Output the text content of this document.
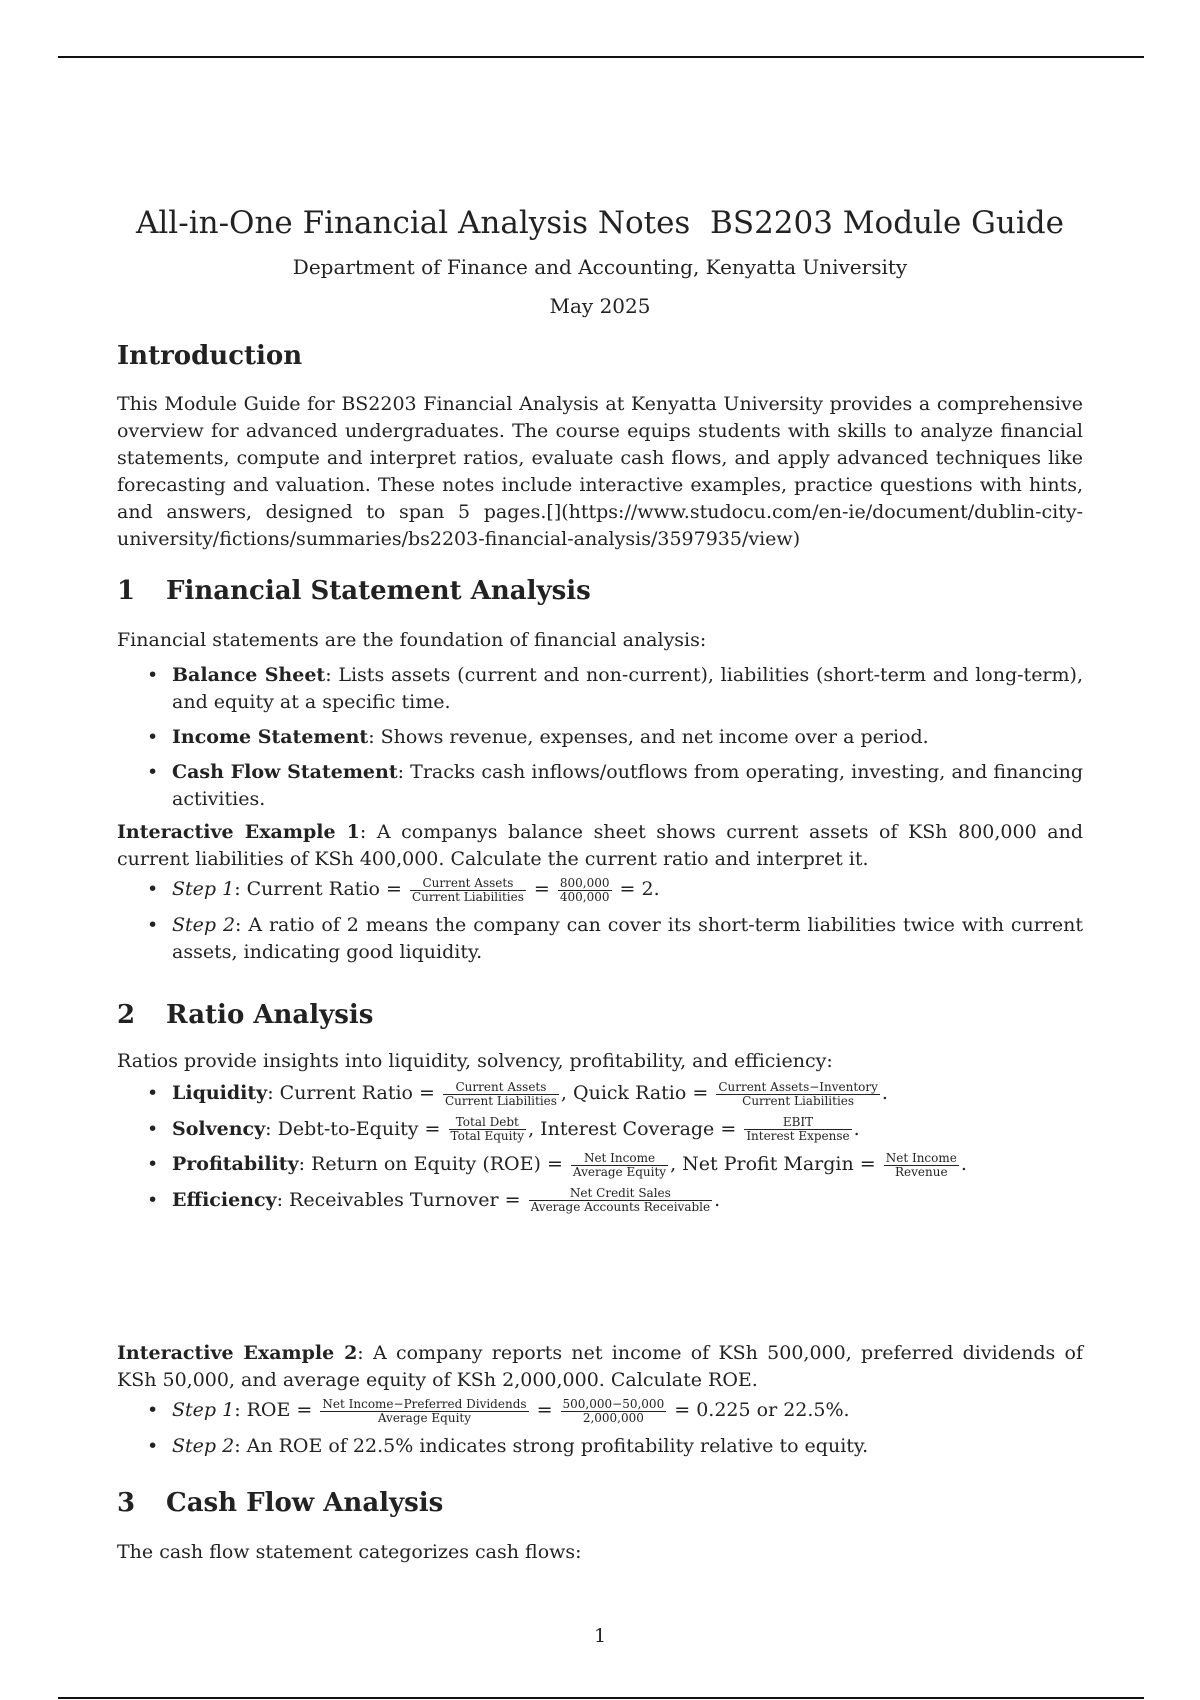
All-in-One Financial Analysis Notes  BS2203 Module Guide
Department of Finance and Accounting, Kenyatta University
May 2025
Introduction

This Module Guide for BS2203 Financial Analysis at Kenyatta University provides a comprehensive overview for advanced undergraduates. The course equips students with skills to analyze financial statements, compute and interpret ratios, evaluate cash flows, and apply advanced techniques like forecasting and valuation. These notes include interactive examples, practice questions with hints, and answers, designed to span 5 pages.[](https://www.studocu.com/en-ie/document/dublin-city-university/fictions/summaries/bs2203-financial-analysis/3597935/view)

1 Financial Statement Analysis

Financial statements are the foundation of financial analysis:

• Balance Sheet: Lists assets (current and non-current), liabilities (short-term and long-term), and equity at a specific time.
• Income Statement: Shows revenue, expenses, and net income over a period.
• Cash Flow Statement: Tracks cash inflows/outflows from operating, investing, and financing activities.

Interactive Example 1: A companys balance sheet shows current assets of KSh 800,000 and current liabilities of KSh 400,000. Calculate the current ratio and interpret it.

• Step 1: Current Ratio = $\frac{\text{Current Assets}}{\text{Current Liabilities}} = \frac{800,000}{400,000} = 2$.
• Step 2: A ratio of 2 means the company can cover its short-term liabilities twice with current assets, indicating good liquidity.
2 Ratio Analysis

Ratios provide insights into liquidity, solvency, profitability, and efficiency:

• Liquidity: Current Ratio = $\frac{\text{Current Assets}}{\text{Current Liabilities}}$ , Quick Ratio = $\frac{\text{Current Assets−Inventory}}{\text{Current Liabilities}}$ .
• Solvency: Debt-to-Equity = $\frac{\text{Total Debt}}{\text{Total Equity}}$ , Interest Coverage = $\frac{\text{EBIT}}{\text{Interest Expense}}$ .
• Profitability: Return on Equity $(ROE) = \frac{\text{Net Income}}{\text{Average Equity}}$ , Net Profit Margin = $\frac{\text{Net Income}}{\text{Revenue}}$ .
• Efficiency: Receivables Turnover = $\frac{\text{Net Credit Sales}}{\text{Average Accounts Receivable}}$ .

Interactive Example 2: A company reports net income of KSh 500,000, preferred dividends of KSh 50,000, and average equity of KSh 2,000,000. Calculate ROE.

• Step 1: ROE = $\frac{\text{Net Income−Preferred Dividends}}{\text{Average Equity}} = \frac{500,000-50,000}{2,000,000} = 0.225$ or 22.5%.
• Step 2: An ROE of 22.5% indicates strong profitability relative to equity.
3 Cash Flow Analysis

The cash flow statement categorizes cash flows:

1
